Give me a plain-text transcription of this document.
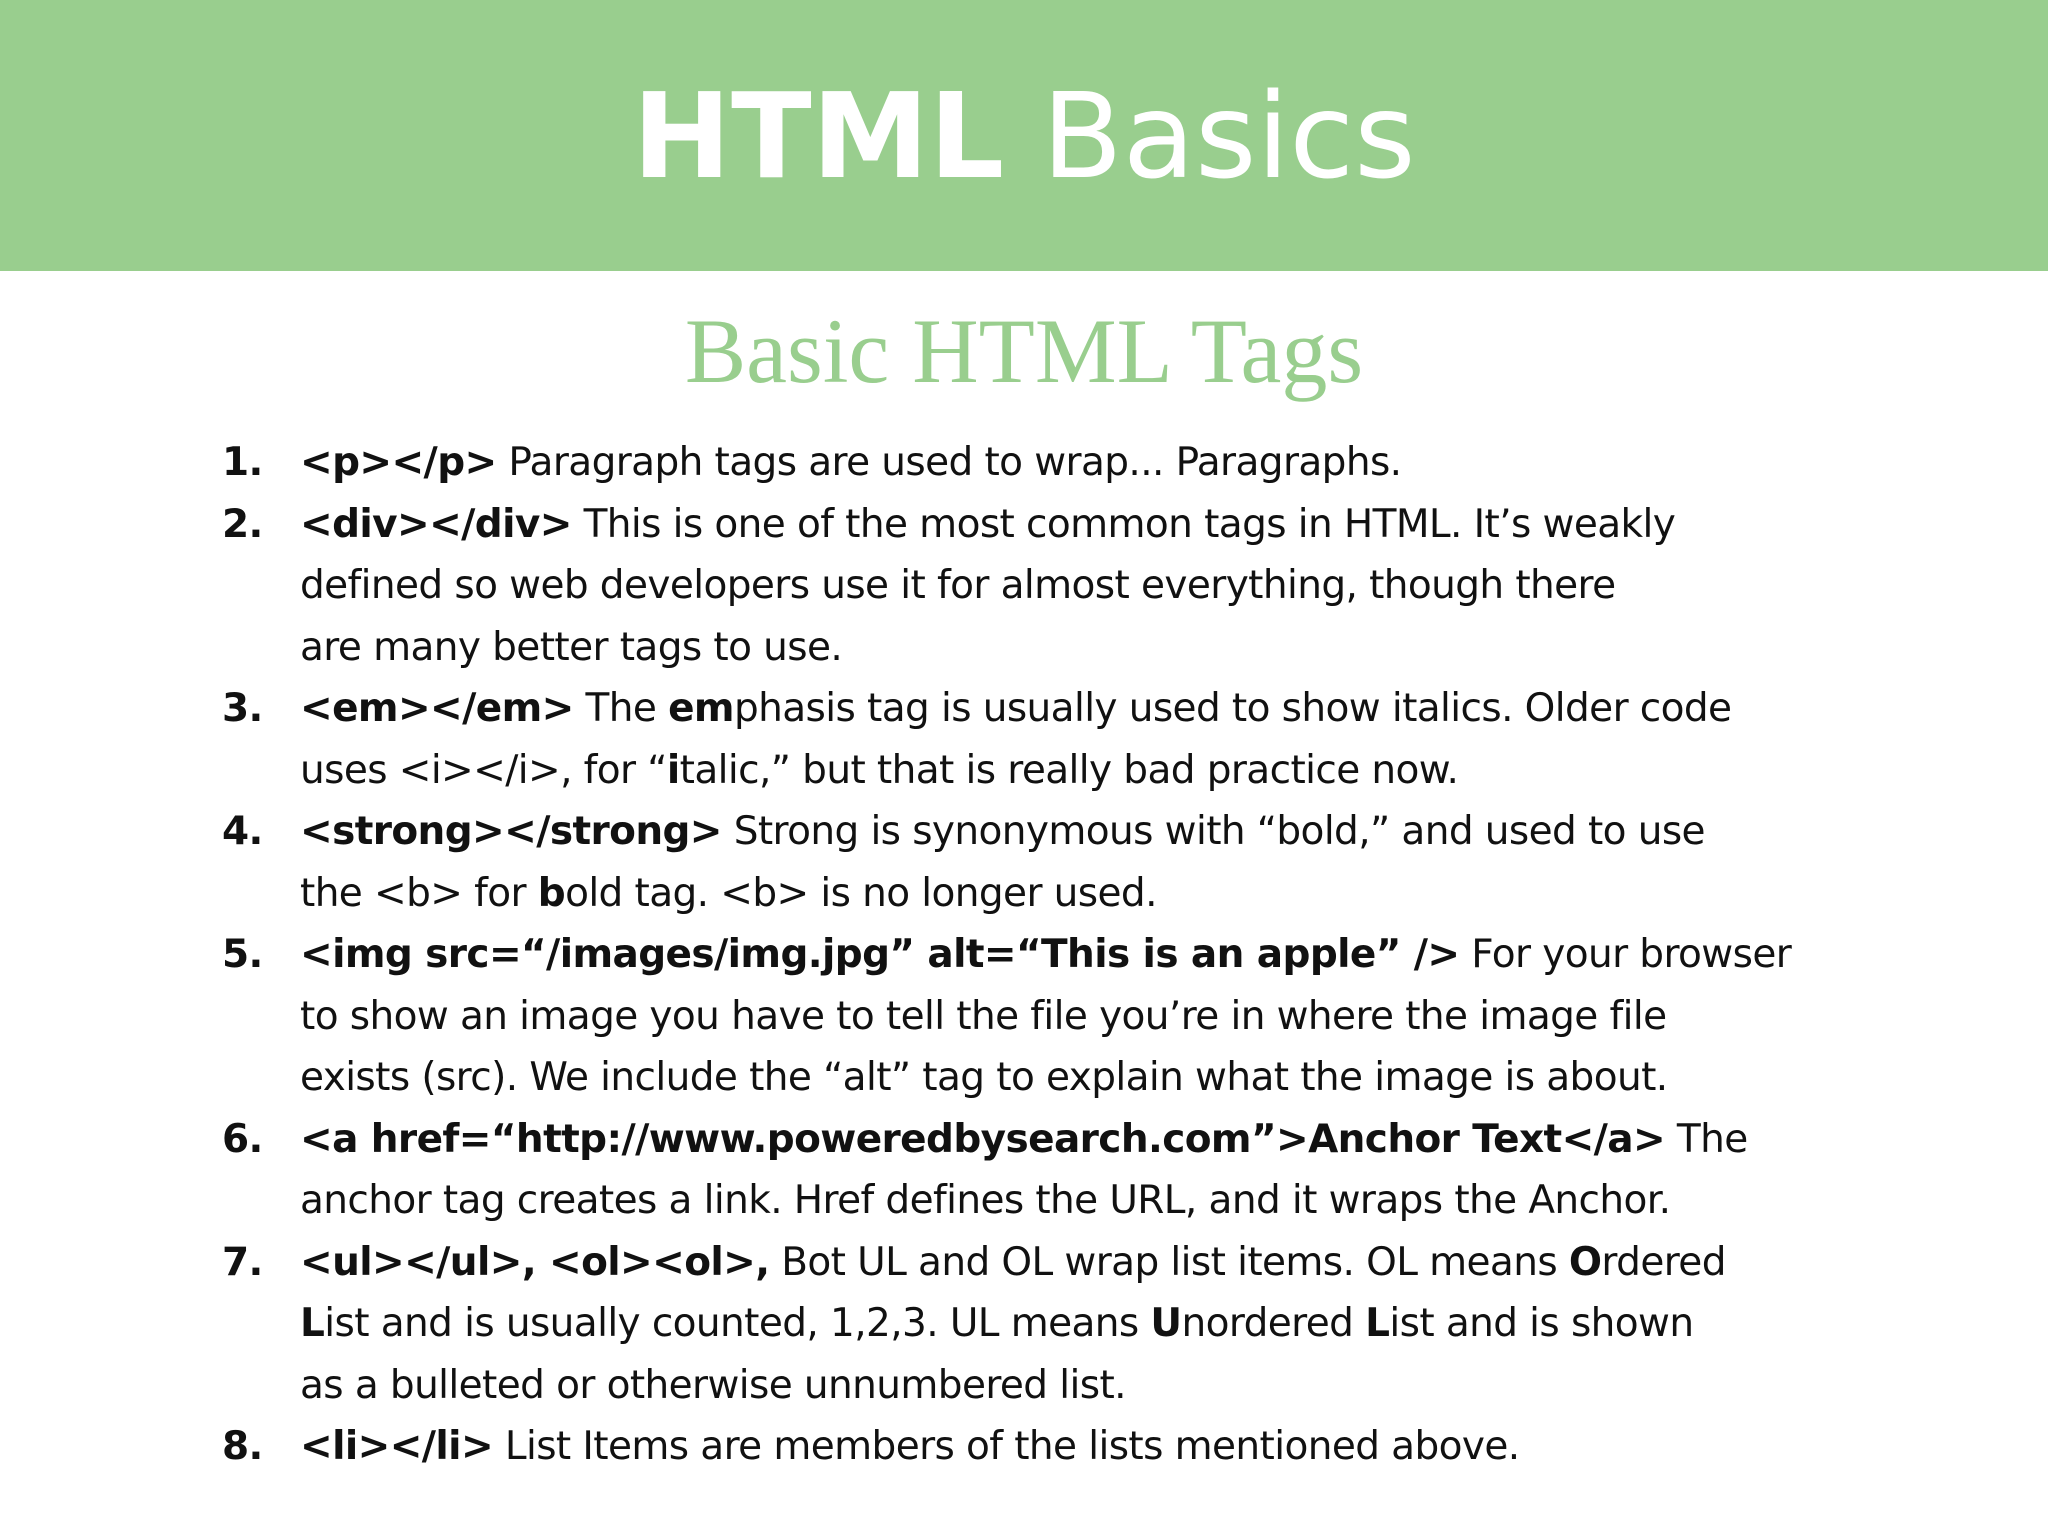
HTML Basics
Basic HTML Tags
1. <p></p> Paragraph tags are used to wrap... Paragraphs.
2. <div></div> This is one of the most common tags in HTML. It’s weakly
defined so web developers use it for almost everything, though there
are many better tags to use.
3. <em></em> The emphasis tag is usually used to show italics. Older code
uses <i></i>, for “italic,” but that is really bad practice now.
4. <strong></strong> Strong is synonymous with “bold,” and used to use
the <b> for bold tag. <b> is no longer used.
5. <img src=“/images/img.jpg” alt=“This is an apple” /> For your browser
to show an image you have to tell the file you’re in where the image file
exists (src). We include the “alt” tag to explain what the image is about.
6. <a href=“http://www.poweredbysearch.com”>Anchor Text</a> The
anchor tag creates a link. Href defines the URL, and it wraps the Anchor.
7. <ul></ul>, <ol><ol>, Bot UL and OL wrap list items. OL means Ordered
List and is usually counted, 1,2,3. UL means Unordered List and is shown
as a bulleted or otherwise unnumbered list.
8. <li></li> List Items are members of the lists mentioned above.
